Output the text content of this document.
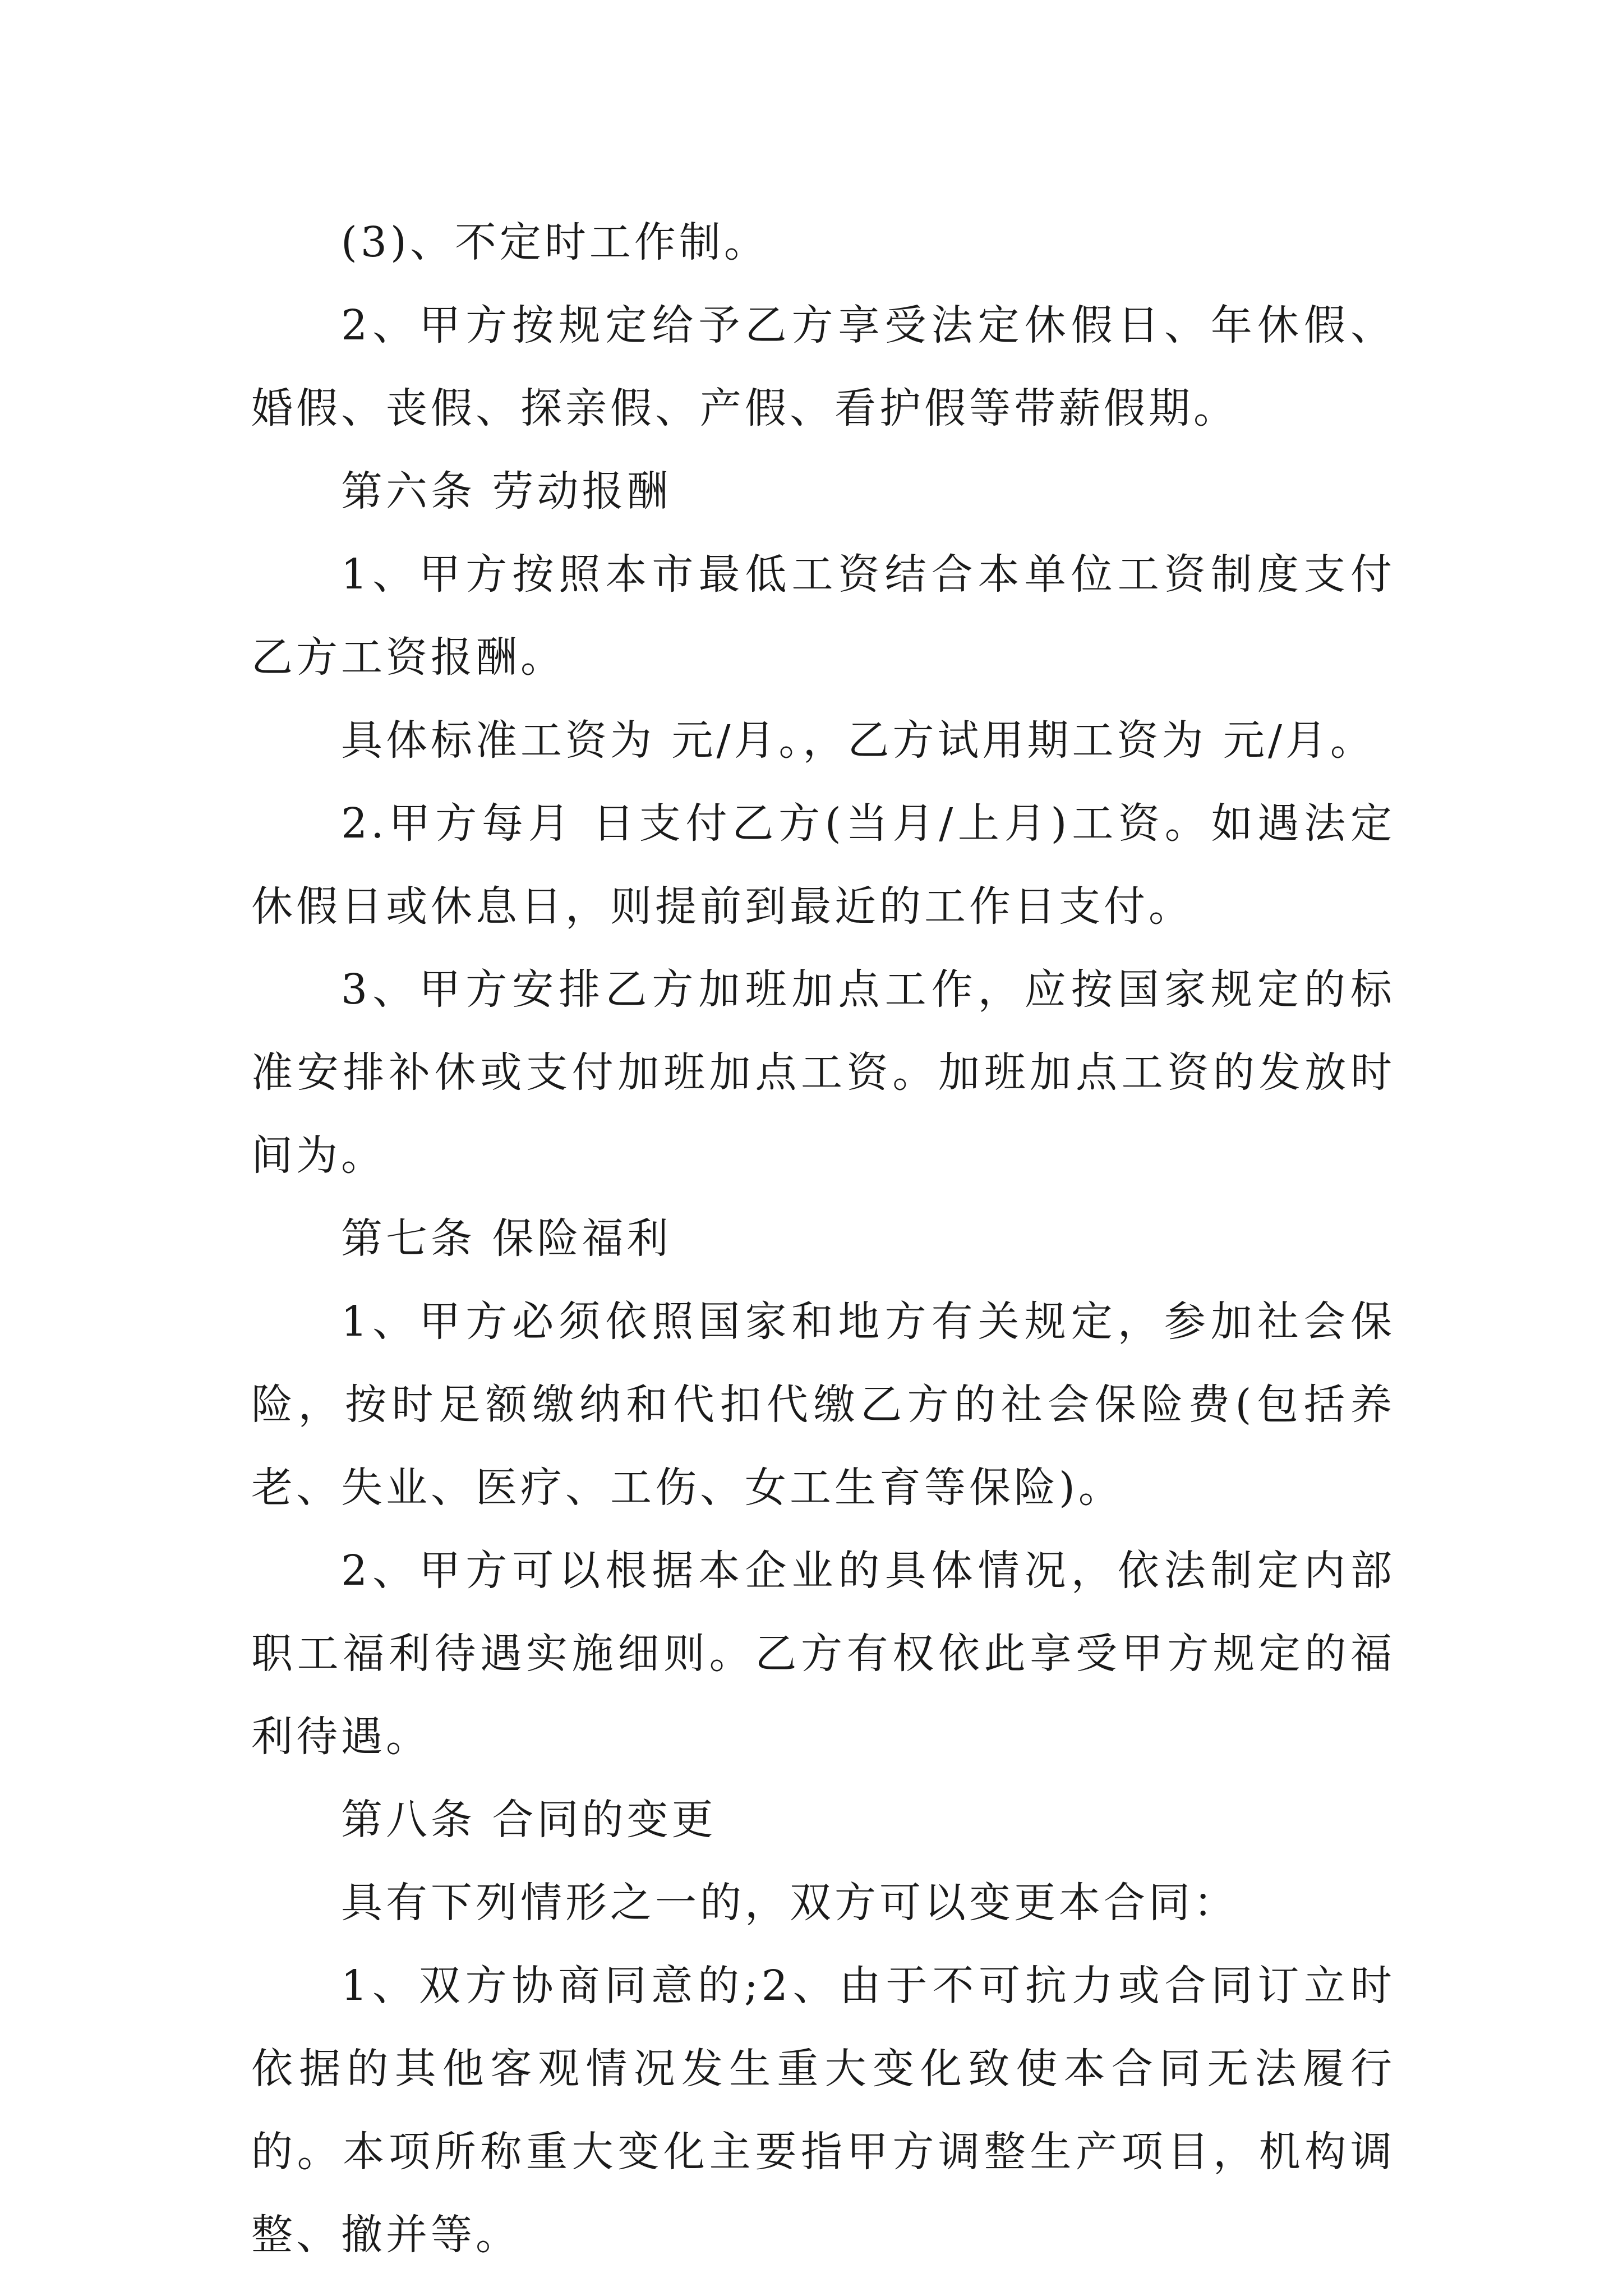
(3)、不定时工作制。

2、甲方按规定给予乙方享受法定休假日、年休假、婚假、丧假、探亲假、产假、看护假等带薪假期。

第六条 劳动报酬

1、甲方按照本市最低工资结合本单位工资制度支付乙方工资报酬。

具体标准工资为 元/月。，乙方试用期工资为 元/月。

2.甲方每月 日支付乙方(当月/上月)工资。如遇法定休假日或休息日，则提前到最近的工作日支付。

3、甲方安排乙方加班加点工作，应按国家规定的标准安排补休或支付加班加点工资。加班加点工资的发放时间为。

第七条 保险福利

1、甲方必须依照国家和地方有关规定，参加社会保险，按时足额缴纳和代扣代缴乙方的社会保险费(包括养老、失业、医疗、工伤、女工生育等保险)。

2、甲方可以根据本企业的具体情况，依法制定内部职工福利待遇实施细则。乙方有权依此享受甲方规定的福利待遇。

第八条 合同的变更

具有下列情形之一的，双方可以变更本合同：

1、双方协商同意的;2、由于不可抗力或合同订立时依据的其他客观情况发生重大变化致使本合同无法履行的。本项所称重大变化主要指甲方调整生产项目，机构调整、撤并等。
